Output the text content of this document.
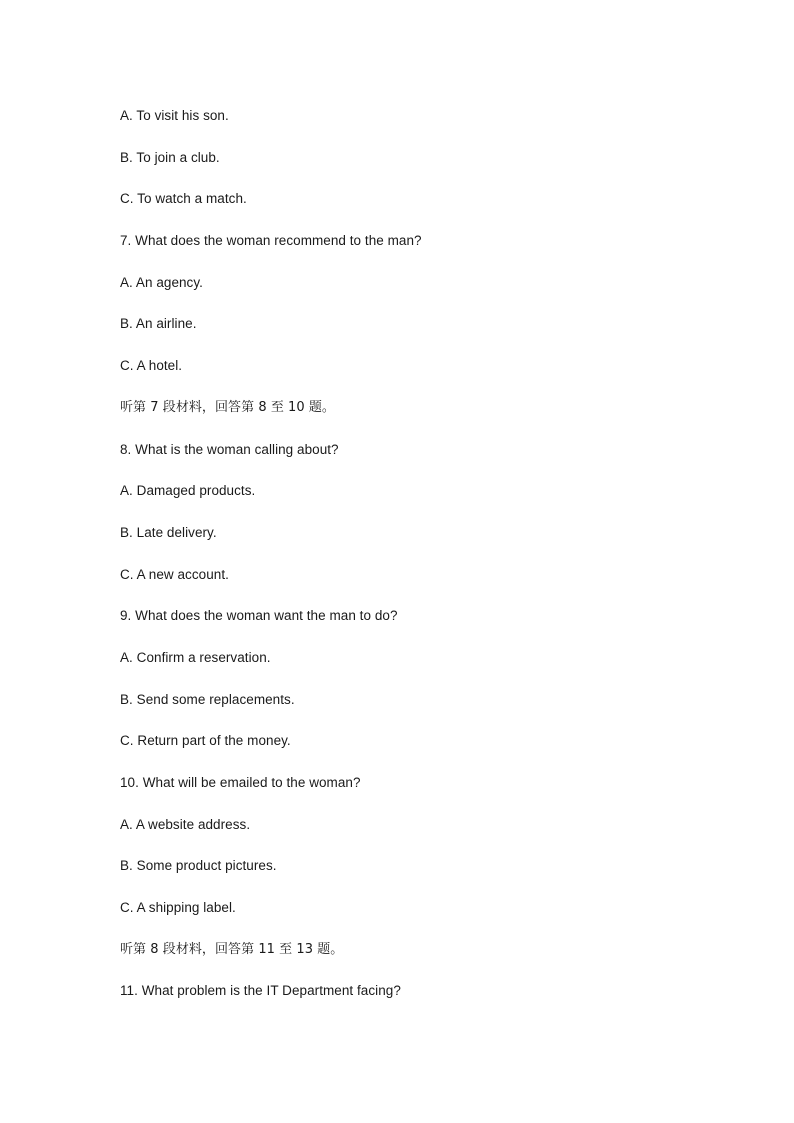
A. To visit his son.
B. To join a club.
C. To watch a match.
7. What does the woman recommend to the man?
A. An agency.
B. An airline.
C. A hotel.
听第 7 段材料，回答第 8 至 10 题。
8. What is the woman calling about?
A. Damaged products.
B. Late delivery.
C. A new account.
9. What does the woman want the man to do?
A. Confirm a reservation.
B. Send some replacements.
C. Return part of the money.
10. What will be emailed to the woman?
A. A website address.
B. Some product pictures.
C. A shipping label.
听第 8 段材料，回答第 11 至 13 题。
11. What problem is the IT Department facing?
